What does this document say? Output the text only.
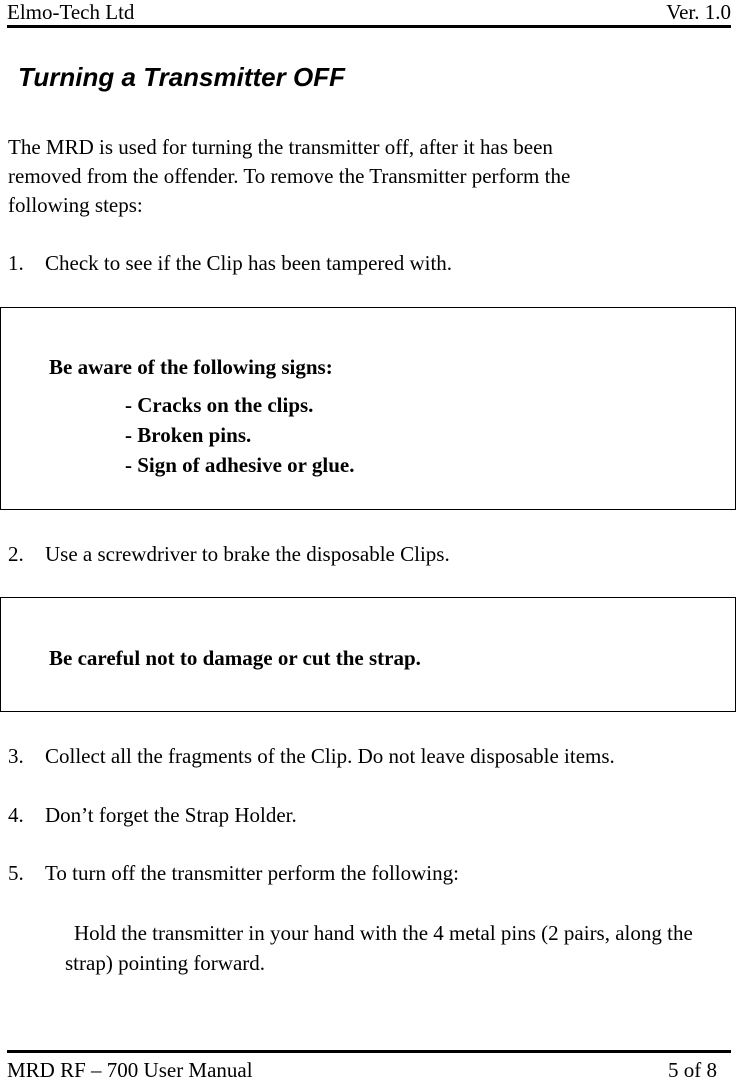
Elmo-Tech Ltd	Ver. 1.0
Turning a Transmitter OFF

The MRD is used for turning the transmitter off, after it has been

removed from the offender. To remove the Transmitter perform the

following steps:

1. Check to see if the Clip has been tampered with.
Be aware of the following signs:
- Cracks on the clips.
- Broken pins.
- Sign of adhesive or glue.
2. Use a screwdriver to brake the disposable Clips.
Be careful not to damage or cut the strap.
3. Collect all the fragments of the Clip. Do not leave disposable items.
4. Don’t forget the Strap Holder.
5. To turn off the transmitter perform the following:
Hold the transmitter in your hand with the 4 metal pins (2 pairs, along the strap) pointing forward.
MRD RF – 700 User Manual	5 of 8
